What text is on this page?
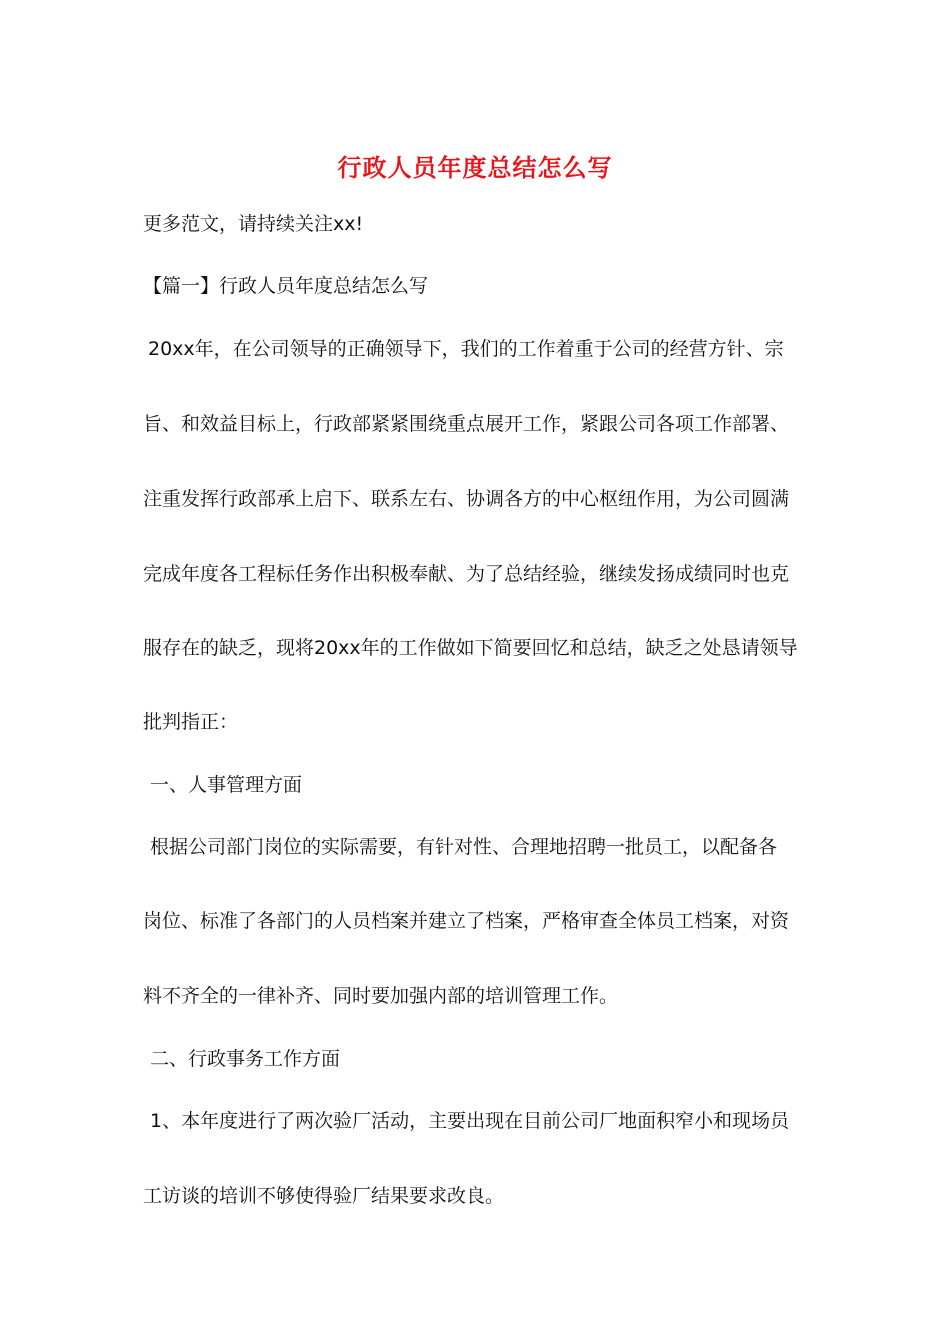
行政人员年度总结怎么写
更多范文，请持续关注xx!
【篇一】行政人员年度总结怎么写
20xx年，在公司领导的正确领导下，我们的工作着重于公司的经营方针、宗
旨、和效益目标上，行政部紧紧围绕重点展开工作，紧跟公司各项工作部署、
注重发挥行政部承上启下、联系左右、协调各方的中心枢纽作用，为公司圆满
完成年度各工程标任务作出积极奉献、为了总结经验，继续发扬成绩同时也克
服存在的缺乏，现将20xx年的工作做如下简要回忆和总结，缺乏之处恳请领导
批判指正：
一、人事管理方面
根据公司部门岗位的实际需要，有针对性、合理地招聘一批员工，以配备各
岗位、标准了各部门的人员档案并建立了档案，严格审查全体员工档案，对资
料不齐全的一律补齐、同时要加强内部的培训管理工作。
二、行政事务工作方面
1、本年度进行了两次验厂活动，主要出现在目前公司厂地面积窄小和现场员
工访谈的培训不够使得验厂结果要求改良。
